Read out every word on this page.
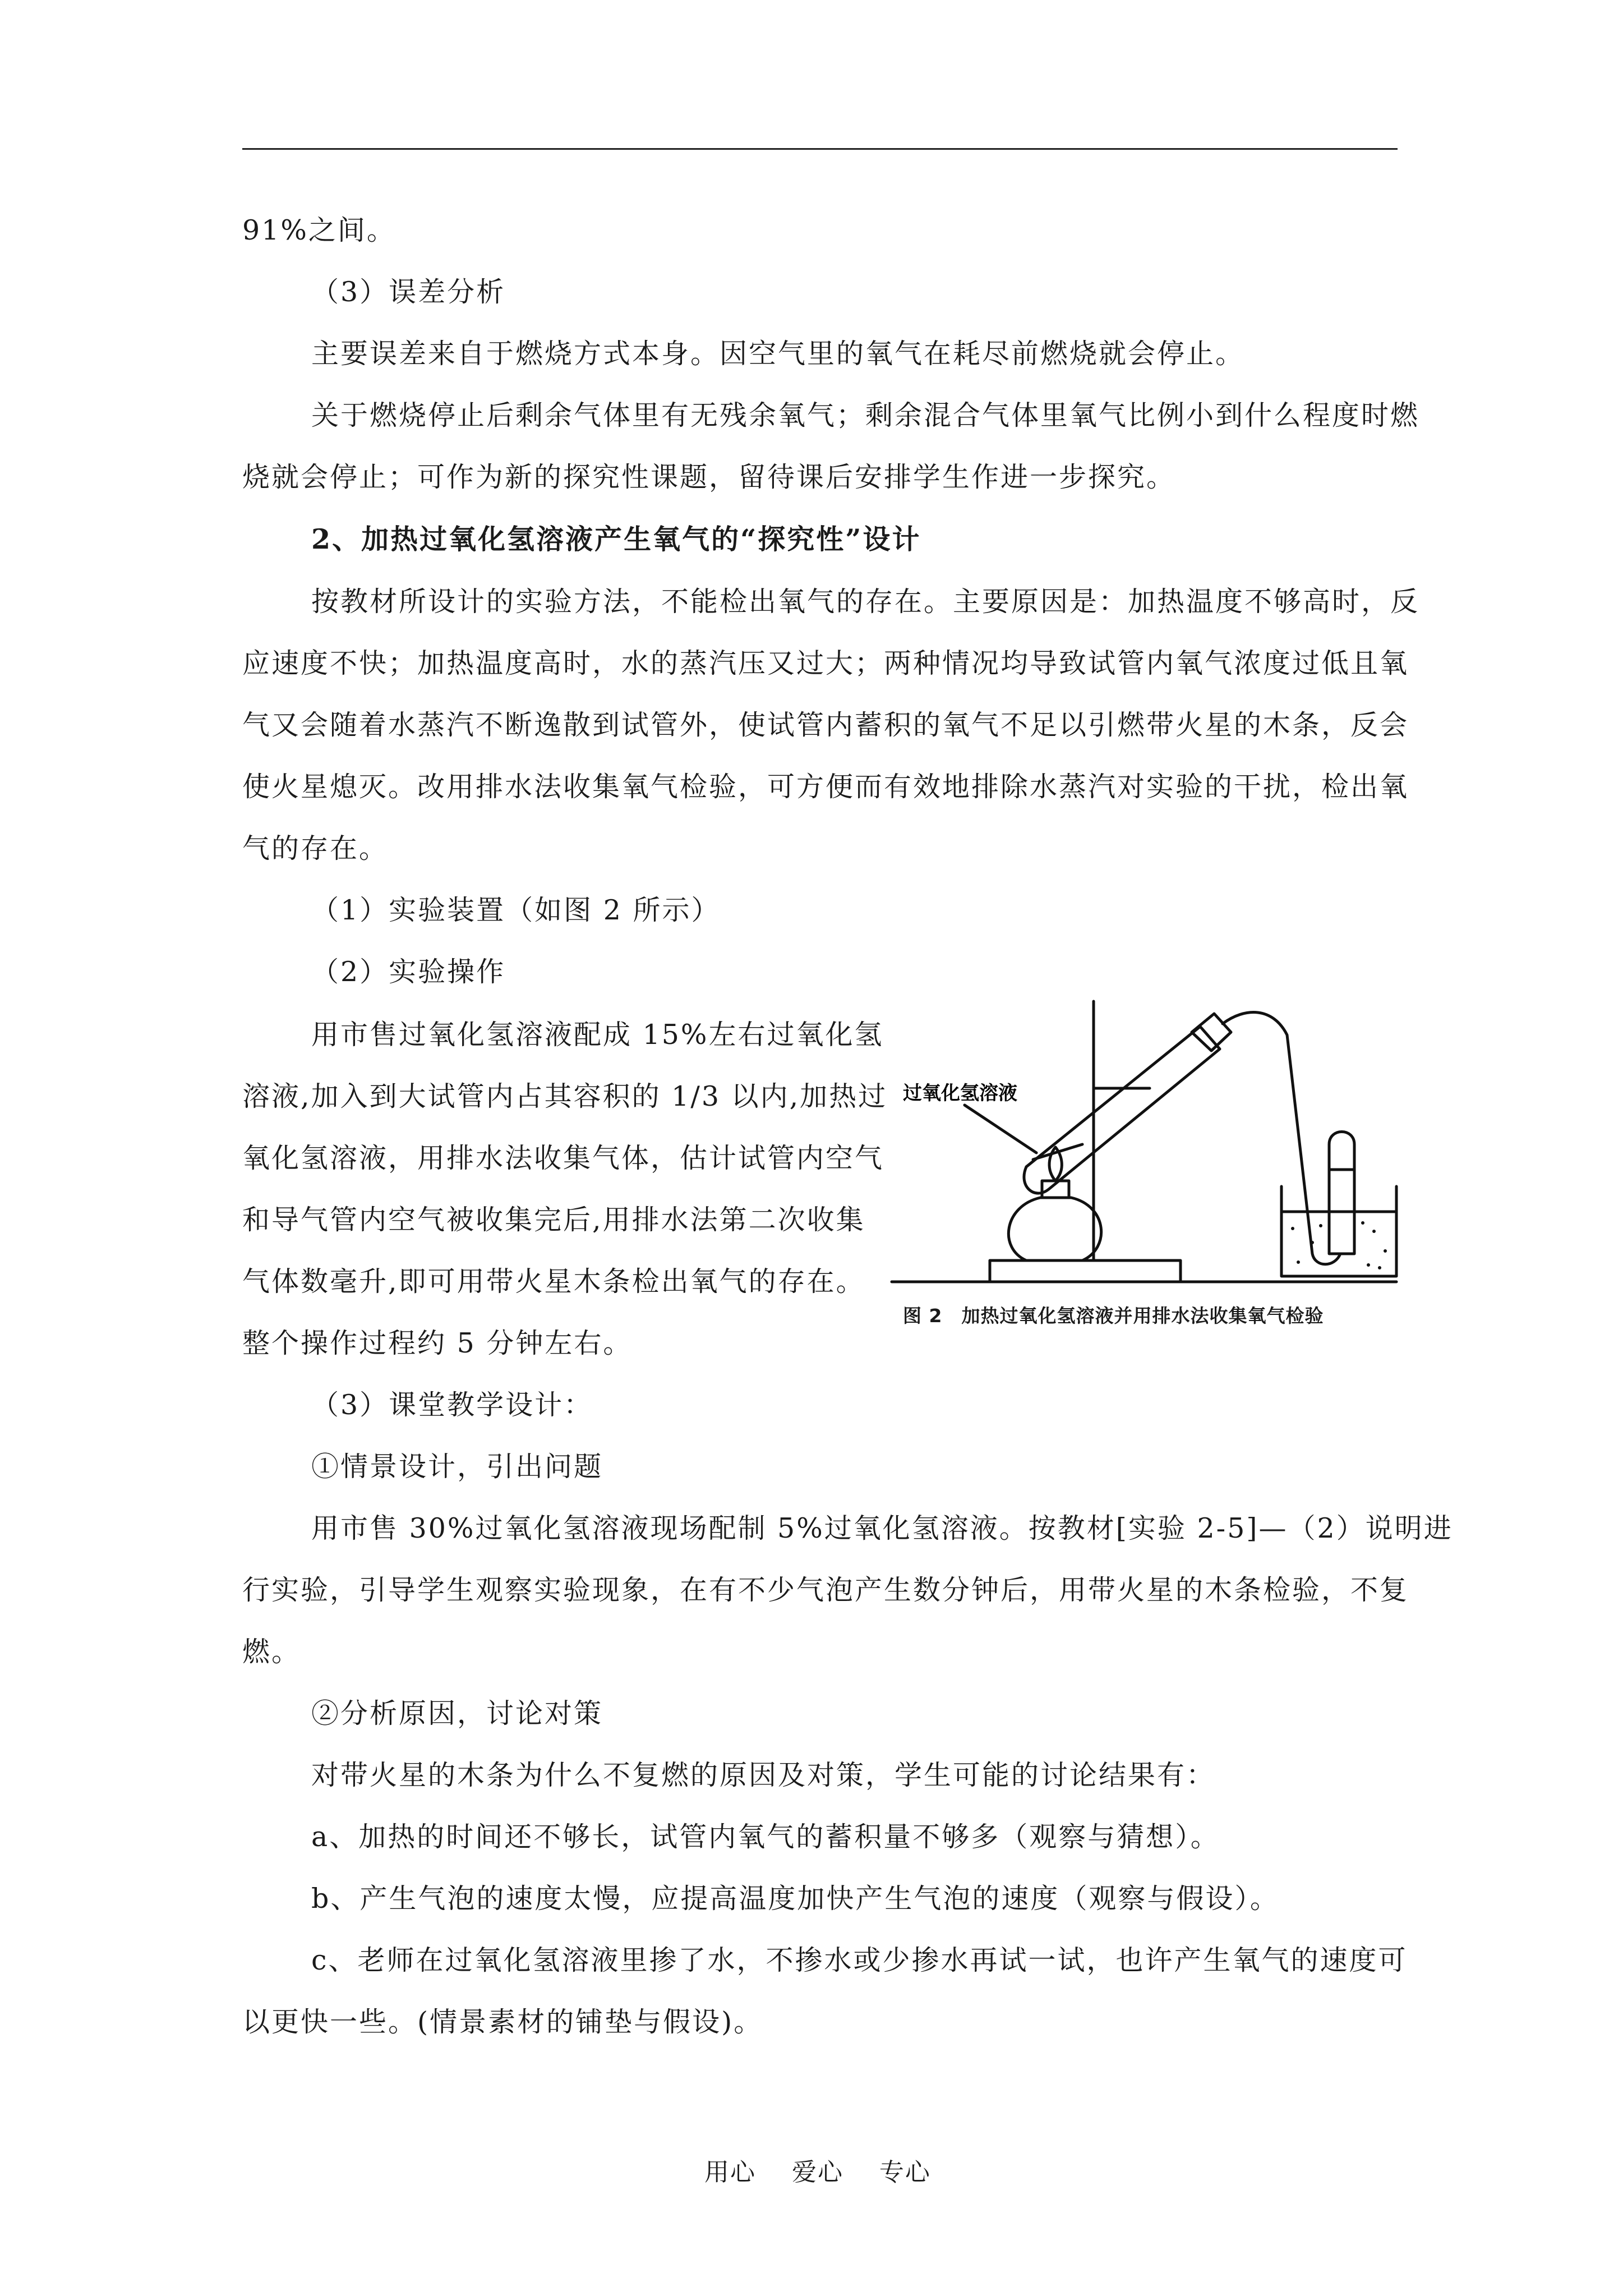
91%之间。
（3）误差分析
主要误差来自于燃烧方式本身。因空气里的氧气在耗尽前燃烧就会停止。
关于燃烧停止后剩余气体里有无残余氧气；剩余混合气体里氧气比例小到什么程度时燃
烧就会停止；可作为新的探究性课题，留待课后安排学生作进一步探究。
2、加热过氧化氢溶液产生氧气的“探究性”设计
按教材所设计的实验方法，不能检出氧气的存在。主要原因是：加热温度不够高时，反
应速度不快；加热温度高时，水的蒸汽压又过大；两种情况均导致试管内氧气浓度过低且氧
气又会随着水蒸汽不断逸散到试管外，使试管内蓄积的氧气不足以引燃带火星的木条，反会
使火星熄灭。改用排水法收集氧气检验，可方便而有效地排除水蒸汽对实验的干扰，检出氧
气的存在。
（1）实验装置（如图 2 所示）
（2）实验操作
用市售过氧化氢溶液配成 15%左右过氧化氢
溶液,加入到大试管内占其容积的 1/3 以内,加热过
氧化氢溶液，用排水法收集气体，估计试管内空气
和导气管内空气被收集完后,用排水法第二次收集
气体数毫升,即可用带火星木条检出氧气的存在。
整个操作过程约 5 分钟左右。
（3）课堂教学设计：
①情景设计，引出问题
用市售 30%过氧化氢溶液现场配制 5%过氧化氢溶液。按教材[实验 2-5]—（2）说明进
行实验，引导学生观察实验现象，在有不少气泡产生数分钟后，用带火星的木条检验，不复
燃。
②分析原因，讨论对策
对带火星的木条为什么不复燃的原因及对策，学生可能的讨论结果有：
a、加热的时间还不够长，试管内氧气的蓄积量不够多（观察与猜想）。
b、产生气泡的速度太慢，应提高温度加快产生气泡的速度（观察与假设）。
c、老师在过氧化氢溶液里掺了水，不掺水或少掺水再试一试，也许产生氧气的速度可
以更快一些。(情景素材的铺垫与假设)。
过氧化氢溶液
图 2　加热过氧化氢溶液并用排水法收集氧气检验
用心    爱心    专心
